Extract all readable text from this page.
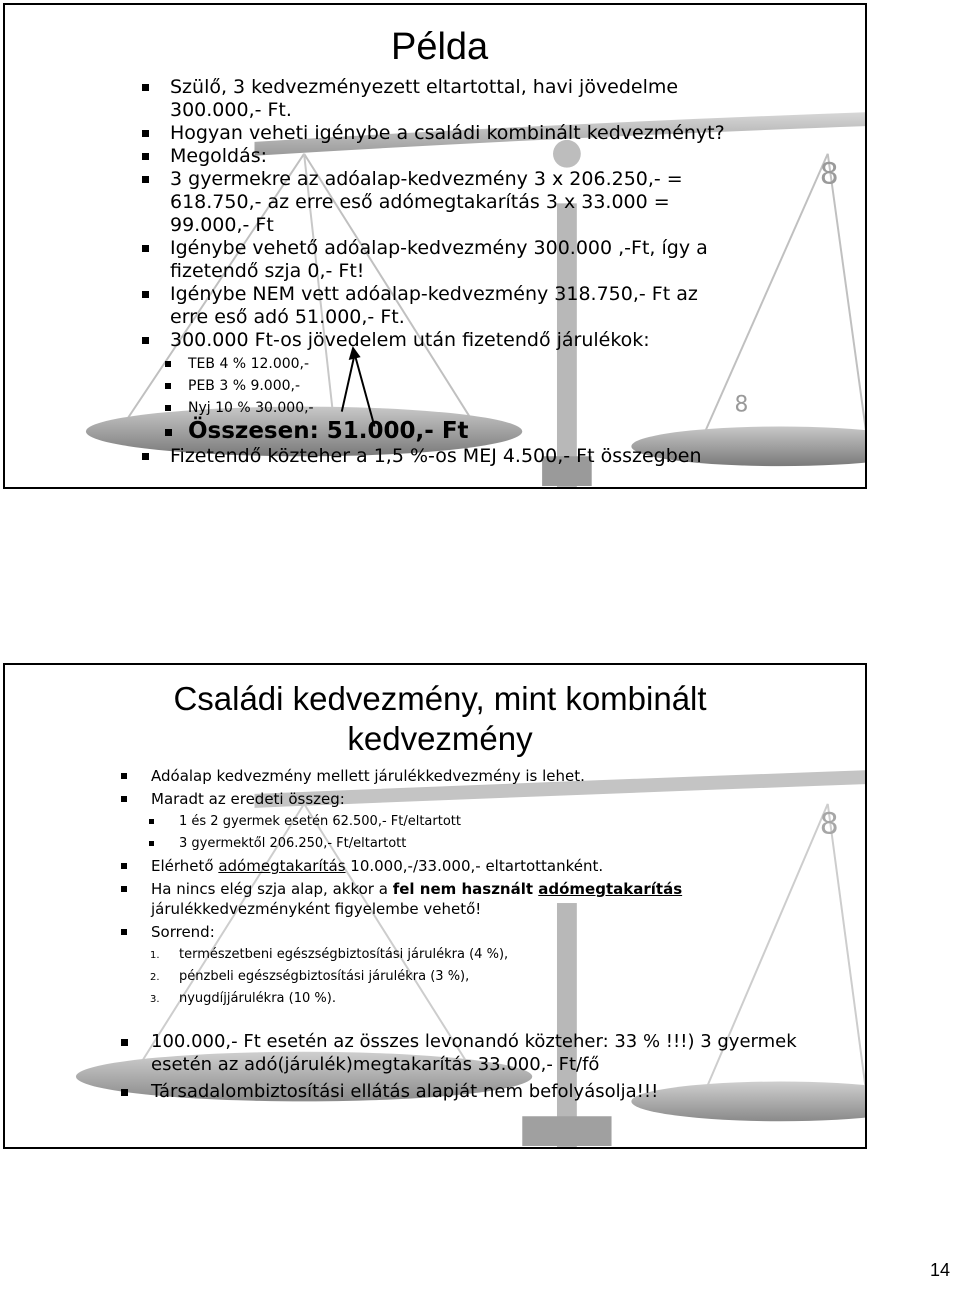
8
8
Példa
Szülő, 3 kedvezményezett eltartottal, havi jövedelme 300.000,- Ft.
Hogyan veheti igénybe a családi kombinált kedvezményt?
Megoldás:
3 gyermekre az adóalap-kedvezmény 3 x 206.250,- = 618.750,- az erre eső adómegtakarítás 3 x 33.000 = 99.000,- Ft
Igénybe vehető adóalap-kedvezmény 300.000 ,-Ft, így a fizetendő szja 0,- Ft!
Igénybe NEM vett adóalap-kedvezmény 318.750,- Ft az erre eső adó 51.000,- Ft.
300.000 Ft-os jövedelem után fizetendő járulékok:
TEB 4 % 12.000,-
PEB 3 % 9.000,-
Nyj 10 % 30.000,-
Összesen: 51.000,- Ft
Fizetendő közteher a 1,5 %-os MEJ 4.500,- Ft összegben
8
Családi kedvezmény, mint kombinált kedvezmény
Adóalap kedvezmény mellett járulékkedvezmény is lehet.
Maradt az eredeti összeg:
1 és 2 gyermek esetén 62.500,- Ft/eltartott
3 gyermektől 206.250,- Ft/eltartott
Elérhető adómegtakarítás 10.000,-/33.000,- eltartottanként.
Ha nincs elég szja alap, akkor a fel nem használt adómegtakarítás járulékkedvezményként figyelembe vehető!
Sorrend:
1. természetbeni egészségbiztosítási járulékra (4 %),
2. pénzbeli egészségbiztosítási járulékra (3 %),
3. nyugdíjjárulékra (10 %).
100.000,- Ft esetén az összes levonandó közteher: 33 % !!!) 3 gyermek esetén az adó(járulék)megtakarítás 33.000,- Ft/fő
Társadalombiztosítási ellátás alapját nem befolyásolja!!!
14
